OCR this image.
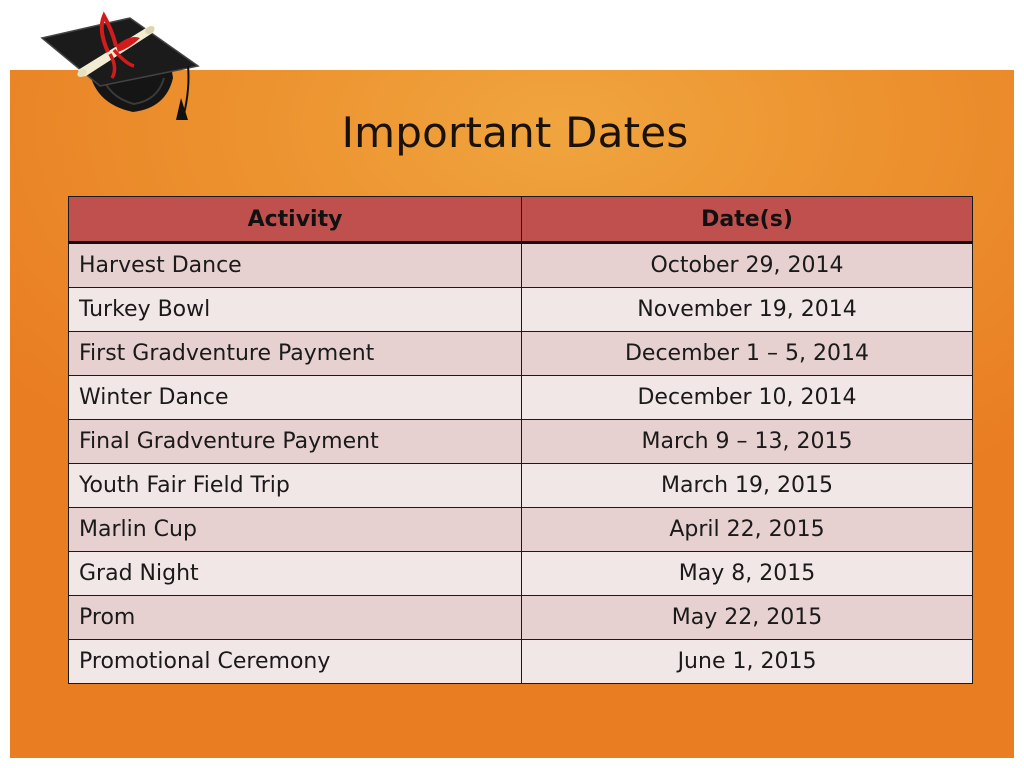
Important Dates
Activity	Date(s)
Harvest Dance	October 29, 2014
Turkey Bowl	November 19, 2014
First Gradventure Payment	December 1 – 5, 2014
Winter Dance	December 10, 2014
Final Gradventure Payment	March 9 – 13, 2015
Youth Fair Field Trip	March 19, 2015
Marlin Cup	April 22, 2015
Grad Night	May 8, 2015
Prom	May 22, 2015
Promotional Ceremony	June 1, 2015
